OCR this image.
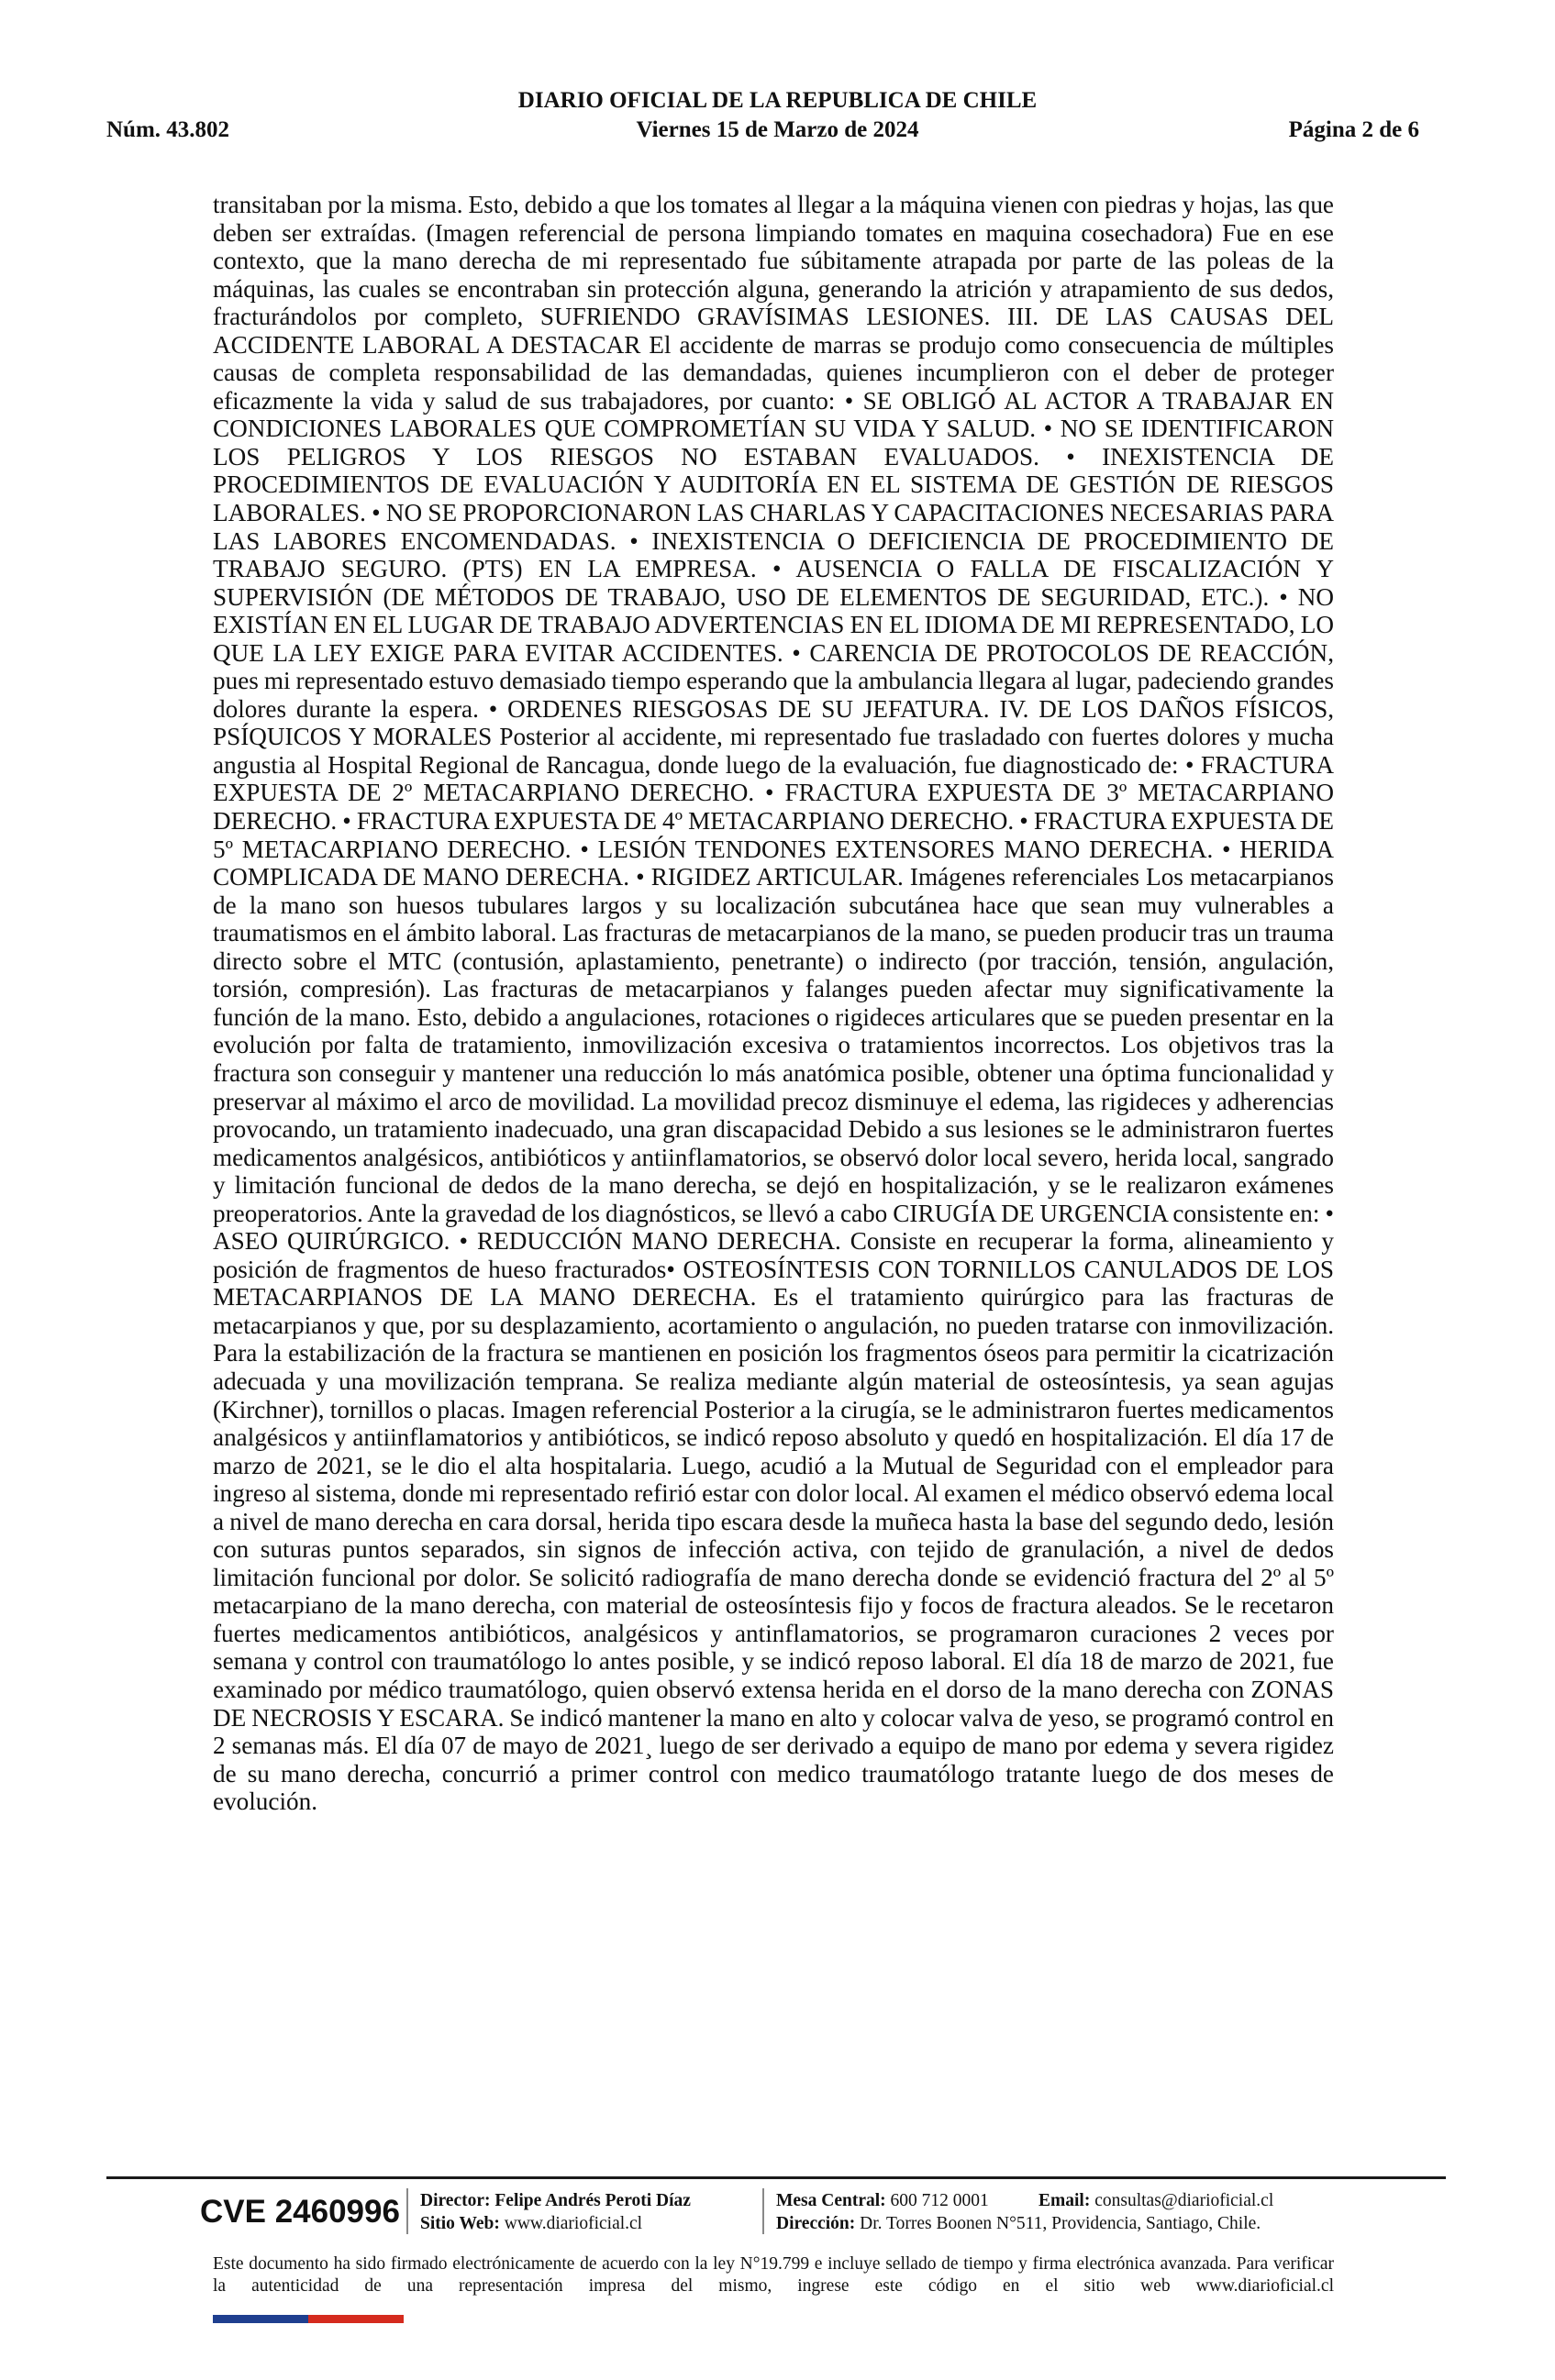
DIARIO OFICIAL DE LA REPUBLICA DE CHILE
Núm. 43.802	Viernes 15 de Marzo de 2024	Página 2 de 6

transitaban por la misma. Esto, debido a que los tomates al llegar a la máquina vienen con piedras y hojas, las que deben ser extraídas. (Imagen referencial de persona limpiando tomates en maquina cosechadora) Fue en ese contexto, que la mano derecha de mi representado fue súbitamente atrapada por parte de las poleas de la máquinas, las cuales se encontraban sin protección alguna, generando la atrición y atrapamiento de sus dedos, fracturándolos por completo, SUFRIENDO GRAVÍSIMAS LESIONES. III. DE LAS CAUSAS DEL ACCIDENTE LABORAL A DESTACAR El accidente de marras se produjo como consecuencia de múltiples causas de completa responsabilidad de las demandadas, quienes incumplieron con el deber de proteger eficazmente la vida y salud de sus trabajadores, por cuanto: • SE OBLIGÓ AL ACTOR A TRABAJAR EN CONDICIONES LABORALES QUE COMPROMETÍAN SU VIDA Y SALUD. • NO SE IDENTIFICARON LOS PELIGROS Y LOS RIESGOS NO ESTABAN EVALUADOS. • INEXISTENCIA DE PROCEDIMIENTOS DE EVALUACIÓN Y AUDITORÍA EN EL SISTEMA DE GESTIÓN DE RIESGOS LABORALES. • NO SE PROPORCIONARON LAS CHARLAS Y CAPACITACIONES NECESARIAS PARA LAS LABORES ENCOMENDADAS. • INEXISTENCIA O DEFICIENCIA DE PROCEDIMIENTO DE TRABAJO SEGURO. (PTS) EN LA EMPRESA. • AUSENCIA O FALLA DE FISCALIZACIÓN Y SUPERVISIÓN (DE MÉTODOS DE TRABAJO, USO DE ELEMENTOS DE SEGURIDAD, ETC.). • NO EXISTÍAN EN EL LUGAR DE TRABAJO ADVERTENCIAS EN EL IDIOMA DE MI REPRESENTADO, LO QUE LA LEY EXIGE PARA EVITAR ACCIDENTES. • CARENCIA DE PROTOCOLOS DE REACCIÓN, pues mi representado estuvo demasiado tiempo esperando que la ambulancia llegara al lugar, padeciendo grandes dolores durante la espera. • ORDENES RIESGOSAS DE SU JEFATURA. IV. DE LOS DAÑOS FÍSICOS, PSÍQUICOS Y MORALES Posterior al accidente, mi representado fue trasladado con fuertes dolores y mucha angustia al Hospital Regional de Rancagua, donde luego de la evaluación, fue diagnosticado de: • FRACTURA EXPUESTA DE 2º METACARPIANO DERECHO. • FRACTURA EXPUESTA DE 3º METACARPIANO DERECHO. • FRACTURA EXPUESTA DE 4º METACARPIANO DERECHO. • FRACTURA EXPUESTA DE 5º METACARPIANO DERECHO. • LESIÓN TENDONES EXTENSORES MANO DERECHA. • HERIDA COMPLICADA DE MANO DERECHA. • RIGIDEZ ARTICULAR. Imágenes referenciales Los metacarpianos de la mano son huesos tubulares largos y su localización subcutánea hace que sean muy vulnerables a traumatismos en el ámbito laboral. Las fracturas de metacarpianos de la mano, se pueden producir tras un trauma directo sobre el MTC (contusión, aplastamiento, penetrante) o indirecto (por tracción, tensión, angulación, torsión, compresión). Las fracturas de metacarpianos y falanges pueden afectar muy significativamente la función de la mano. Esto, debido a angulaciones, rotaciones o rigideces articulares que se pueden presentar en la evolución por falta de tratamiento, inmovilización excesiva o tratamientos incorrectos. Los objetivos tras la fractura son conseguir y mantener una reducción lo más anatómica posible, obtener una óptima funcionalidad y preservar al máximo el arco de movilidad. La movilidad precoz disminuye el edema, las rigideces y adherencias provocando, un tratamiento inadecuado, una gran discapacidad Debido a sus lesiones se le administraron fuertes medicamentos analgésicos, antibióticos y antiinflamatorios, se observó dolor local severo, herida local, sangrado y limitación funcional de dedos de la mano derecha, se dejó en hospitalización, y se le realizaron exámenes preoperatorios. Ante la gravedad de los diagnósticos, se llevó a cabo CIRUGÍA DE URGENCIA consistente en: • ASEO QUIRÚRGICO. • REDUCCIÓN MANO DERECHA. Consiste en recuperar la forma, alineamiento y posición de fragmentos de hueso fracturados• OSTEOSÍNTESIS CON TORNILLOS CANULADOS DE LOS METACARPIANOS DE LA MANO DERECHA. Es el tratamiento quirúrgico para las fracturas de metacarpianos y que, por su desplazamiento, acortamiento o angulación, no pueden tratarse con inmovilización. Para la estabilización de la fractura se mantienen en posición los fragmentos óseos para permitir la cicatrización adecuada y una movilización temprana. Se realiza mediante algún material de osteosíntesis, ya sean agujas (Kirchner), tornillos o placas. Imagen referencial Posterior a la cirugía, se le administraron fuertes medicamentos analgésicos y antiinflamatorios y antibióticos, se indicó reposo absoluto y quedó en hospitalización. El día 17 de marzo de 2021, se le dio el alta hospitalaria. Luego, acudió a la Mutual de Seguridad con el empleador para ingreso al sistema, donde mi representado refirió estar con dolor local. Al examen el médico observó edema local a nivel de mano derecha en cara dorsal, herida tipo escara desde la muñeca hasta la base del segundo dedo, lesión con suturas puntos separados, sin signos de infección activa, con tejido de granulación, a nivel de dedos limitación funcional por dolor. Se solicitó radiografía de mano derecha donde se evidenció fractura del 2º al 5º metacarpiano de la mano derecha, con material de osteosíntesis fijo y focos de fractura aleados. Se le recetaron fuertes medicamentos antibióticos, analgésicos y antinflamatorios, se programaron curaciones 2 veces por semana y control con traumatólogo lo antes posible, y se indicó reposo laboral. El día 18 de marzo de 2021, fue examinado por médico traumatólogo, quien observó extensa herida en el dorso de la mano derecha con ZONAS DE NECROSIS Y ESCARA. Se indicó mantener la mano en alto y colocar valva de yeso, se programó control en 2 semanas más. El día 07 de mayo de 2021¸ luego de ser derivado a equipo de mano por edema y severa rigidez de su mano derecha, concurrió a primer control con medico traumatólogo tratante luego de dos meses de evolución.

CVE 2460996 Director: Felipe Andrés Peroti Díaz
Sitio Web: www.diarioficial.cl
Mesa Central: 600 712 0001
Dirección: Dr. Torres Boonen N°511, Providencia, Santiago, Chile.
Email: consultas@diarioficial.cl
Este documento ha sido firmado electrónicamente de acuerdo con la ley N°19.799 e incluye sellado de tiempo y firma electrónica avanzada. Para verificar la autenticidad de una representación impresa del mismo, ingrese este código en el sitio web www.diarioficial.cl
